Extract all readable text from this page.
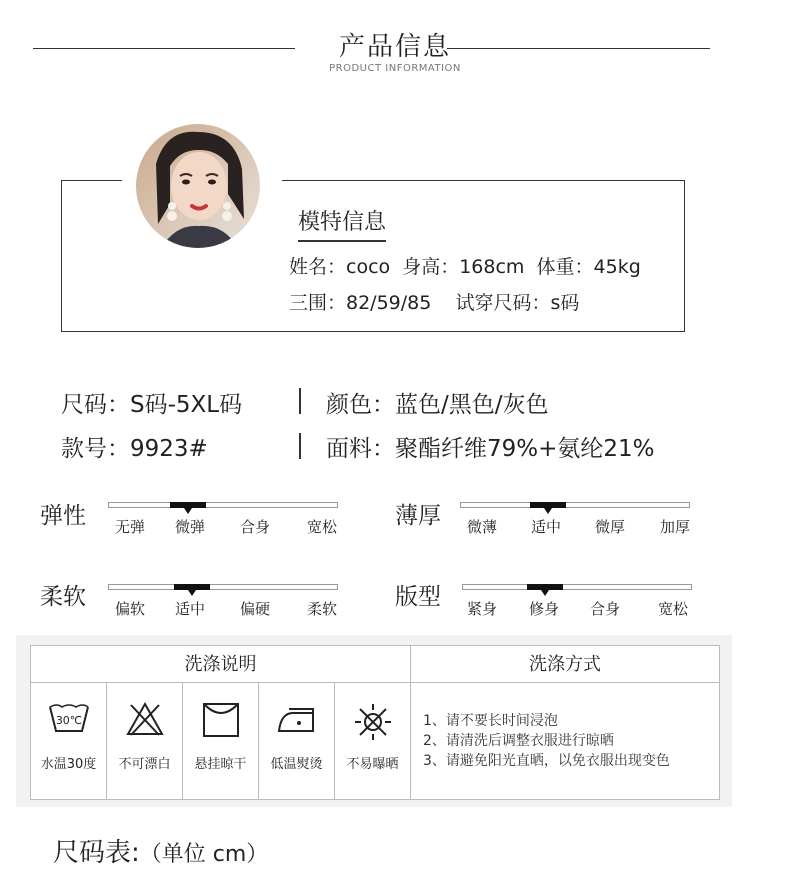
产品信息
PRODUCT INFORMATION
模特信息
姓名：coco  身高：168cm  体重：45kg
三围：82/59/85    试穿尺码：s码
尺码：S码-5XL码	颜色：蓝色/黑色/灰色
款号：9923#	面料：聚酯纤维79%+氨纶21%
弹性	无弹	微弹	合身	宽松	薄厚	微薄	适中	微厚	加厚
柔软	偏软	适中	偏硬	柔软	版型	紧身	修身	合身	宽松
洗涤说明	洗涤方式
30℃
水温30度	不可漂白	悬挂晾干	低温熨烫	不易曝晒
1、请不要长时间浸泡
2、请清洗后调整衣服进行晾晒
3、请避免阳光直晒，以免衣服出现变色
尺码表:（单位 cm）
